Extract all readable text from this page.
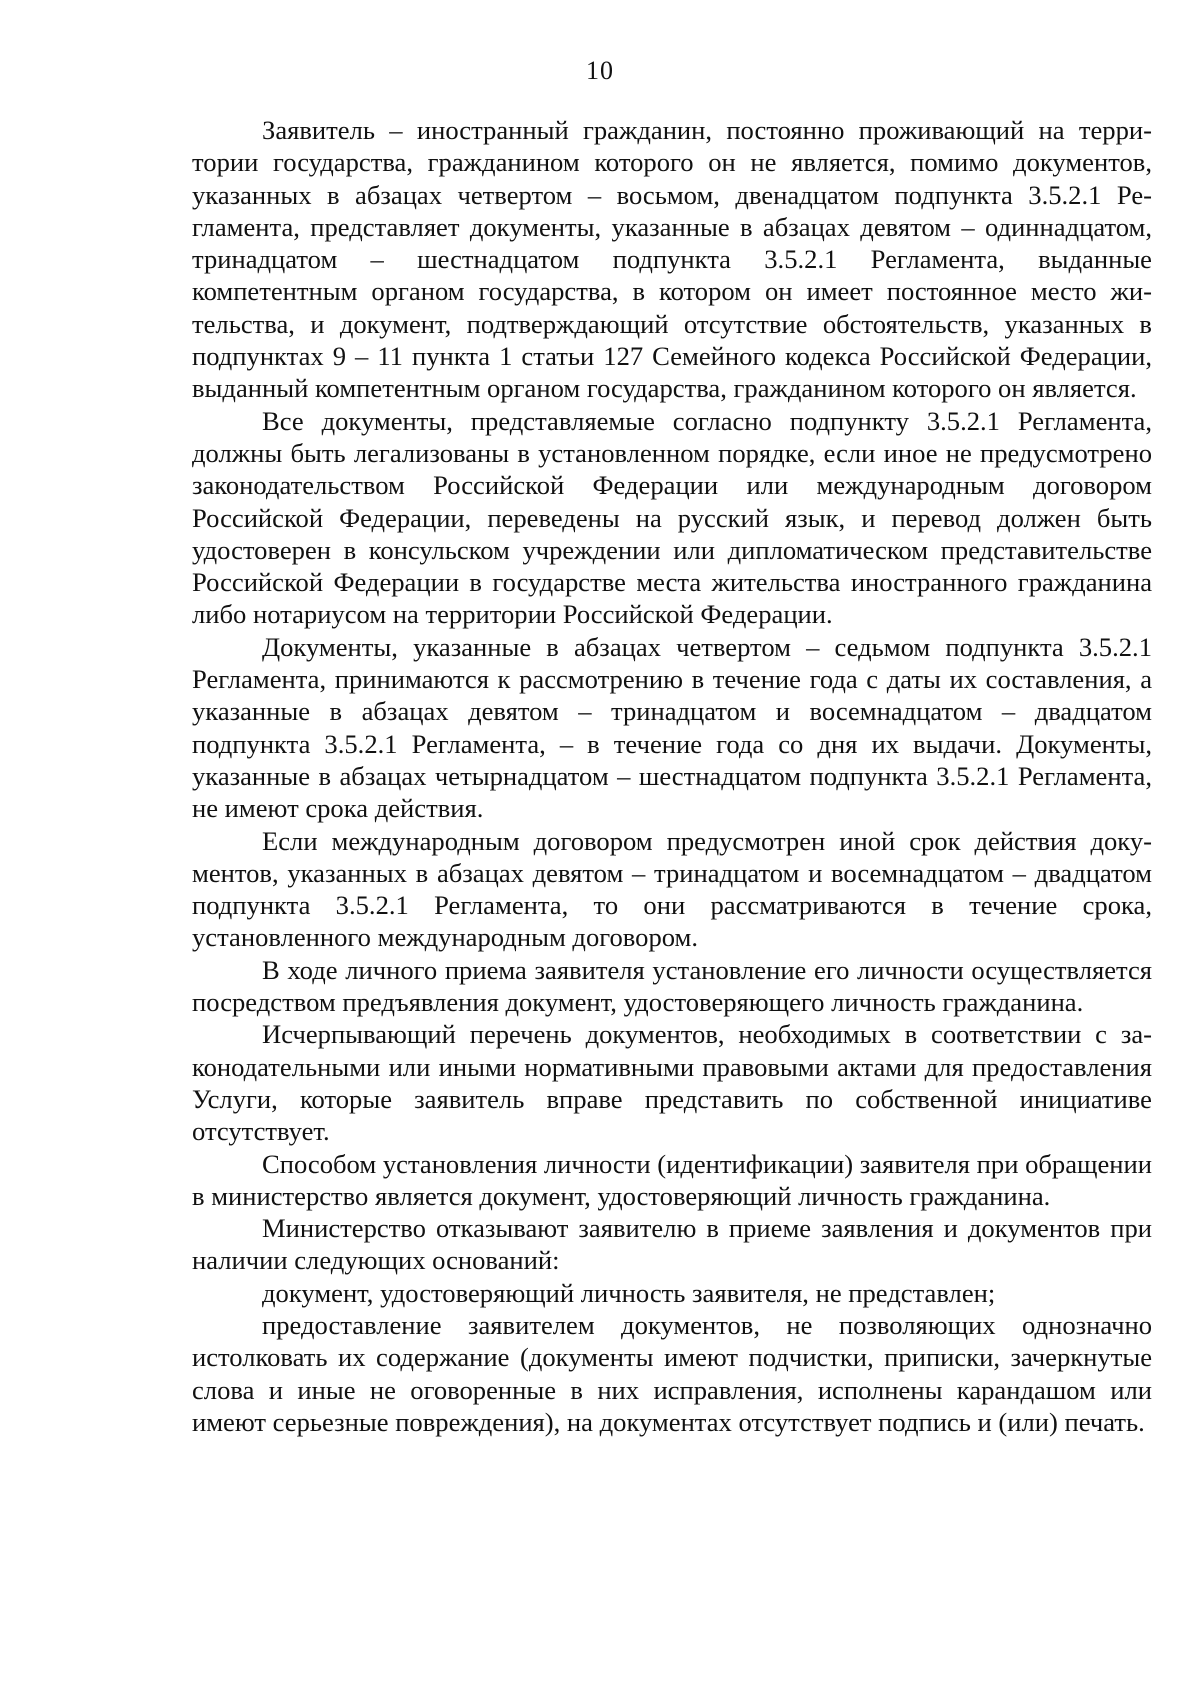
10

Заявитель – иностранный гражданин, постоянно проживающий на территории государства, гражданином которого он не является, помимо документов, указанных в абзацах четвертом – восьмом, двенадцатом подпункта 3.5.2.1 Регламента, представляет документы, указанные в абзацах девятом – одиннадцатом, тринадцатом – шестнадцатом подпункта 3.5.2.1 Регламента, выданные компетентным органом государства, в котором он имеет постоянное место жительства, и документ, подтверждающий отсутствие обстоятельств, указанных в подпунктах 9 – 11 пункта 1 статьи 127 Семейного кодекса Российской Федерации, выданный компетентным органом государства, гражданином которого он является.

Все документы, представляемые согласно подпункту 3.5.2.1 Регламента, должны быть легализованы в установленном порядке, если иное не предусмотрено законодательством Российской Федерации или международным договором Российской Федерации, переведены на русский язык, и перевод должен быть удостоверен в консульском учреждении или дипломатическом представительстве Российской Федерации в государстве места жительства иностранного гражданина либо нотариусом на территории Российской Федерации.

Документы, указанные в абзацах четвертом – седьмом подпункта 3.5.2.1 Регламента, принимаются к рассмотрению в течение года с даты их составления, а указанные в абзацах девятом – тринадцатом и восемнадцатом – двадцатом подпункта 3.5.2.1 Регламента, – в течение года со дня их выдачи. Документы, указанные в абзацах четырнадцатом – шестнадцатом подпункта 3.5.2.1 Регламента, не имеют срока действия.

Если международным договором предусмотрен иной срок действия документов, указанных в абзацах девятом – тринадцатом и восемнадцатом – двадцатом подпункта 3.5.2.1 Регламента, то они рассматриваются в течение срока, установленного международным договором.

В ходе личного приема заявителя установление его личности осуществляется посредством предъявления документ, удостоверяющего личность гражданина.

Исчерпывающий перечень документов, необходимых в соответствии с законодательными или иными нормативными правовыми актами для предоставления Услуги, которые заявитель вправе представить по собственной инициативе отсутствует.

Способом установления личности (идентификации) заявителя при обращении в министерство является документ, удостоверяющий личность гражданина.

Министерство отказывают заявителю в приеме заявления и документов при наличии следующих оснований:

документ, удостоверяющий личность заявителя, не представлен;

предоставление заявителем документов, не позволяющих однозначно истолковать их содержание (документы имеют подчистки, приписки, зачеркнутые слова и иные не оговоренные в них исправления, исполнены карандашом или имеют серьезные повреждения), на документах отсутствует подпись и (или) печать.
